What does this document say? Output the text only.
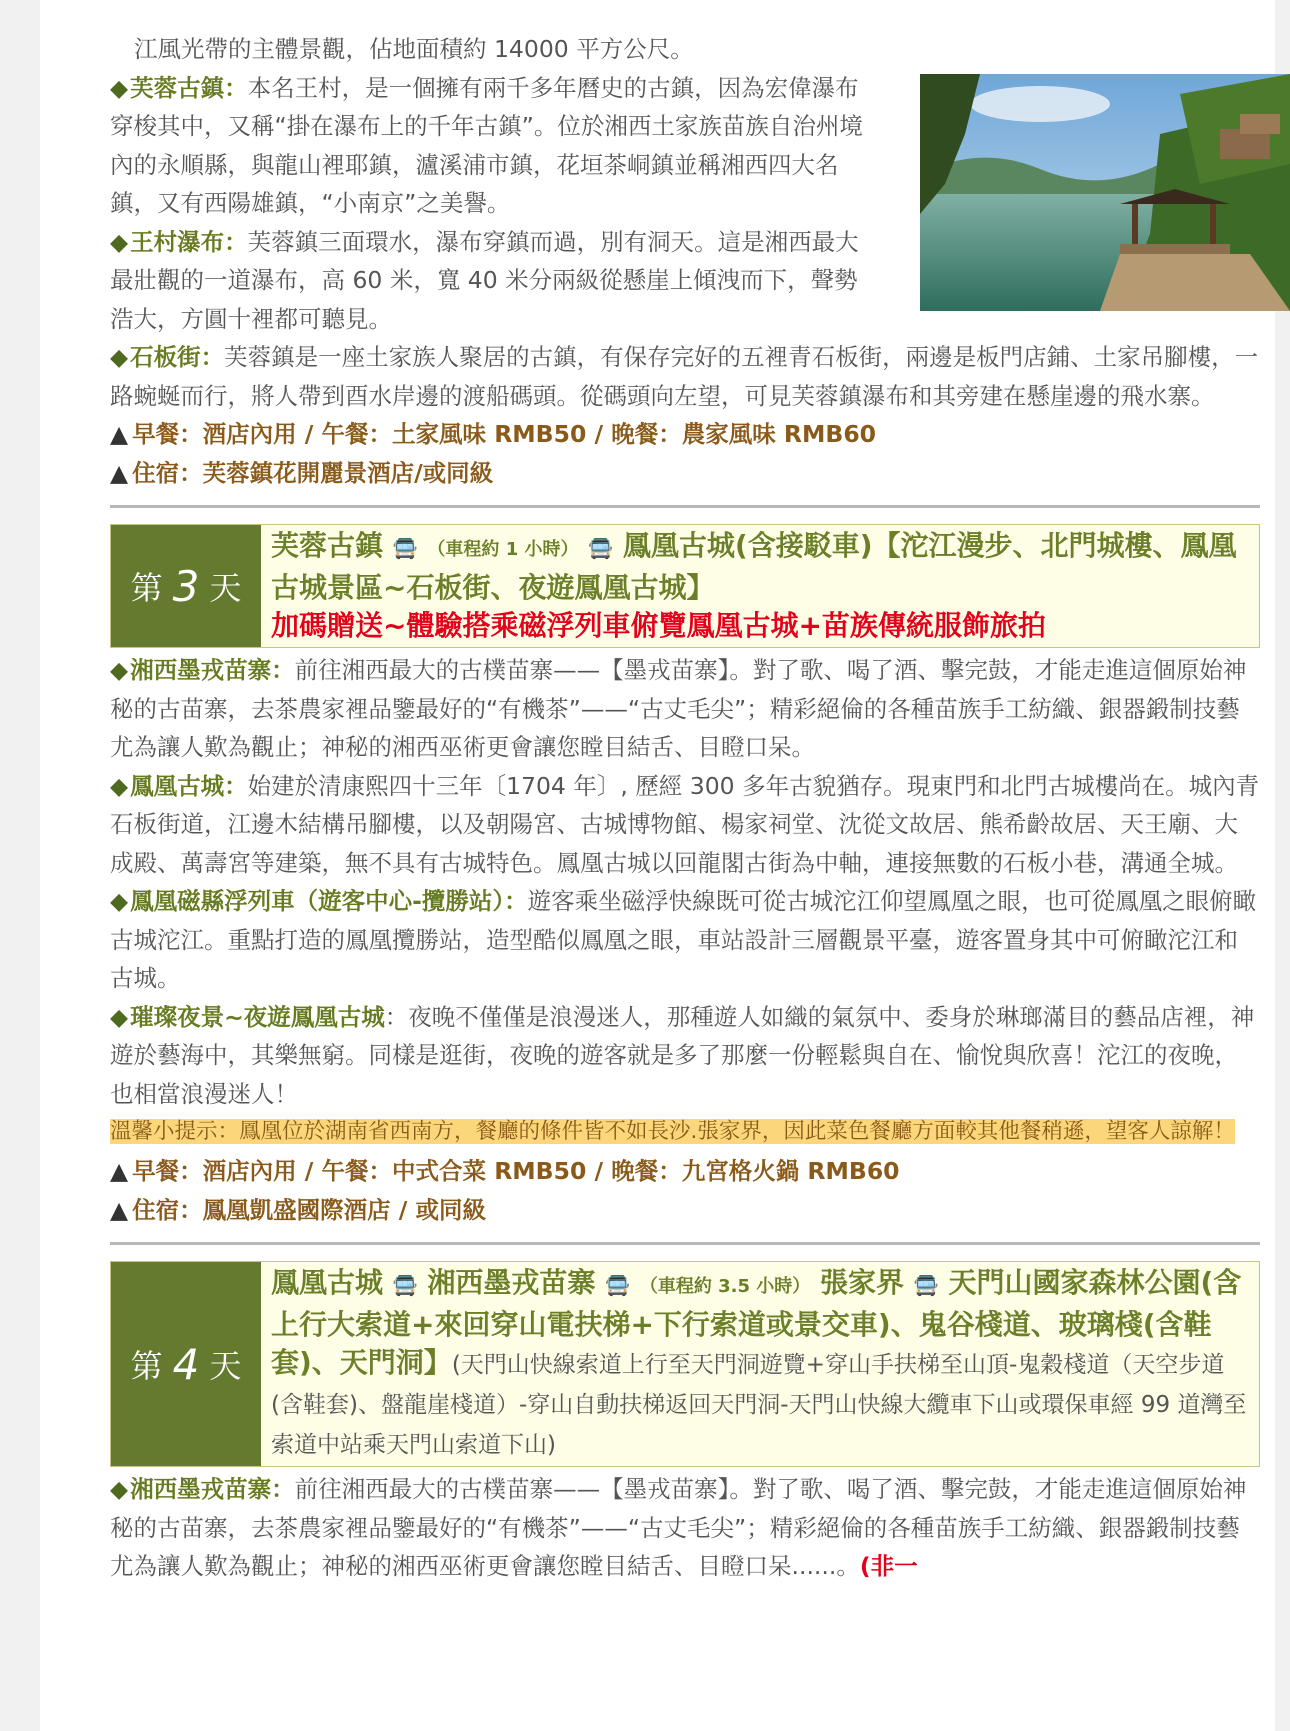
江風光帶的主體景觀，佔地面積約 14000 平方公尺。

◆芙蓉古鎮：本名王村，是一個擁有兩千多年曆史的古鎮，因為宏偉瀑布穿梭其中，又稱“掛在瀑布上的千年古鎮”。位於湘西土家族苗族自治州境內的永順縣，與龍山裡耶鎮，瀘溪浦市鎮，花垣茶峒鎮並稱湘西四大名鎮，又有西陽雄鎮，“小南京”之美譽。

◆王村瀑布：芙蓉鎮三面環水，瀑布穿鎮而過，別有洞天。這是湘西最大最壯觀的一道瀑布，高 60 米，寬 40 米分兩級從懸崖上傾洩而下，聲勢浩大，方圓十裡都可聽見。

◆石板街：芙蓉鎮是一座土家族人聚居的古鎮，有保存完好的五裡青石板街，兩邊是板門店鋪、土家吊腳樓，一路蜿蜒而行，將人帶到酉水岸邊的渡船碼頭。從碼頭向左望，可見芙蓉鎮瀑布和其旁建在懸崖邊的飛水寨。

▲ 早餐：酒店內用 / 午餐：土家風味 RMB50 / 晚餐：農家風味 RMB60

▲ 住宿：芙蓉鎮花開麗景酒店/或同級

第 3 天
芙蓉古鎮 🚍 （車程約 1 小時） 🚍 鳳凰古城(含接駁車)【沱江漫步、北門城樓、鳳凰古城景區~石板街、夜遊鳳凰古城】
加碼贈送~體驗搭乘磁浮列車俯覽鳳凰古城+苗族傳統服飾旅拍

◆湘西墨戎苗寨：前往湘西最大的古樸苗寨——【墨戎苗寨】。對了歌、喝了酒、擊完鼓，才能走進這個原始神秘的古苗寨，去茶農家裡品鑒最好的“有機茶”——“古丈毛尖”；精彩絕倫的各種苗族手工紡織、銀器鍛制技藝尤為讓人歎為觀止；神秘的湘西巫術更會讓您瞠目結舌、目瞪口呆。

◆鳳凰古城：始建於清康熙四十三年〔1704 年〕, 歷經 300 多年古貌猶存。現東門和北門古城樓尚在。城內青石板街道，江邊木結構吊腳樓，以及朝陽宮、古城博物館、楊家祠堂、沈從文故居、熊希齡故居、天王廟、大成殿、萬壽宮等建築，無不具有古城特色。鳳凰古城以回龍閣古街為中軸，連接無數的石板小巷，溝通全城。

◆鳳凰磁縣浮列車（遊客中心-攬勝站）：遊客乘坐磁浮快線既可從古城沱江仰望鳳凰之眼，也可從鳳凰之眼俯瞰古城沱江。重點打造的鳳凰攬勝站，造型酷似鳳凰之眼，車站設計三層觀景平臺，遊客置身其中可俯瞰沱江和古城。

◆璀璨夜景~夜遊鳳凰古城：夜晚不僅僅是浪漫迷人，那種遊人如織的氣氛中、委身於琳瑯滿目的藝品店裡，神遊於藝海中，其樂無窮。同樣是逛街，夜晚的遊客就是多了那麼一份輕鬆與自在、愉悅與欣喜！沱江的夜晚，也相當浪漫迷人！

溫馨小提示：鳳凰位於湖南省西南方，餐廳的條件皆不如長沙.張家界，因此菜色餐廳方面較其他餐稍遜，望客人諒解！

▲ 早餐：酒店內用 / 午餐：中式合菜 RMB50 / 晚餐：九宮格火鍋 RMB60

▲ 住宿：鳳凰凱盛國際酒店 / 或同級

第 4 天
鳳凰古城 🚍 湘西墨戎苗寨 🚍 （車程約 3.5 小時） 張家界 🚍 天門山國家森林公園(含上行大索道+來回穿山電扶梯+下行索道或景交車)、鬼谷棧道、玻璃棧(含鞋套)、天門洞】(天門山快線索道上行至天門洞遊覽+穿山手扶梯至山頂-鬼穀棧道（天空步道(含鞋套)、盤龍崖棧道）-穿山自動扶梯返回天門洞-天門山快線大纜車下山或環保車經 99 道灣至索道中站乘天門山索道下山)

◆湘西墨戎苗寨：前往湘西最大的古樸苗寨——【墨戎苗寨】。對了歌、喝了酒、擊完鼓，才能走進這個原始神秘的古苗寨，去茶農家裡品鑒最好的“有機茶”——“古丈毛尖”；精彩絕倫的各種苗族手工紡織、銀器鍛制技藝尤為讓人歎為觀止；神秘的湘西巫術更會讓您瞠目結舌、目瞪口呆......。(非一
